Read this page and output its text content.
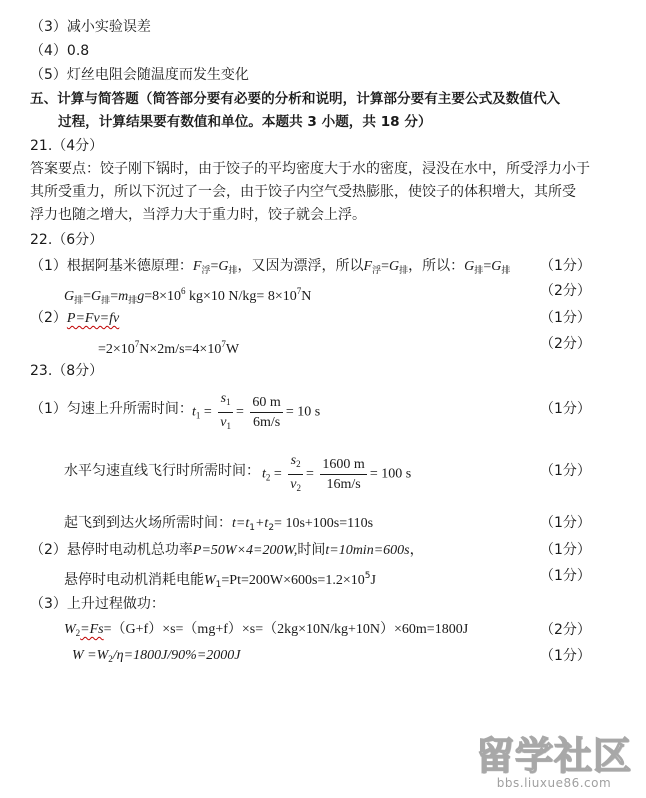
（3）减小实验误差
（4）0.8
（5）灯丝电阻会随温度而发生变化
五、计算与简答题（简答部分要有必要的分析和说明，计算部分要有主要公式及数值代入
过程，计算结果要有数值和单位。本题共 3 小题，共 18 分）
21.（4分）
答案要点：饺子刚下锅时，由于饺子的平均密度大于水的密度，浸没在水中，所受浮力小于
其所受重力，所以下沉过了一会，由于饺子内空气受热膨胀，使饺子的体积增大，其所受
浮力也随之增大，当浮力大于重力时，饺子就会上浮。
22.（6分）
（1）根据阿基米德原理：$F_浮=G_排$，又因为漂浮，所以$F_浮=G_排$，所以：$G_排=G_排$ （1分）
$G_排=G_排=m_排g=8\times 10^6$ kg×10 $N/kg= 8\times 10^7N$	（2分）
（2）P=Fv=fv	（1分）
$=2\times 10^7N\times 2m/s=4\times 10^7W$	（2分）
23.（8分）
（1）匀速上升所需时间： $t_1 = \frac{s_1}{v_1} = \frac{60 m}{6m/s} = 10$ s	（1分）
水平匀速直线飞行时所需时间： $t_2 = \frac{s_2}{v_2} = \frac{1600 m}{16m/s} = 100$ s	（1分）
起飞到到达火场所需时间：$t=t_1+t_2= 10s+100s=110s$	（1分）
（2）悬停时电动机总功率P=50W×4=200W,时间t=10min=600s，	（1分）
悬停时电动机消耗电能$W_1=Pt=200W\times 600s=1.2\times 10^5J$	（1分）
（3）上升过程做功：
$W_2=Fs=(G+f)\times s=(mg+f)\times s=(2kg\times 10N/kg+10N)\times 60m=1800J$	（2分）
$W =W_2/\eta=1800J/90\%=2000J$	（1分）
留学社区
bbs.liuxue86.com
